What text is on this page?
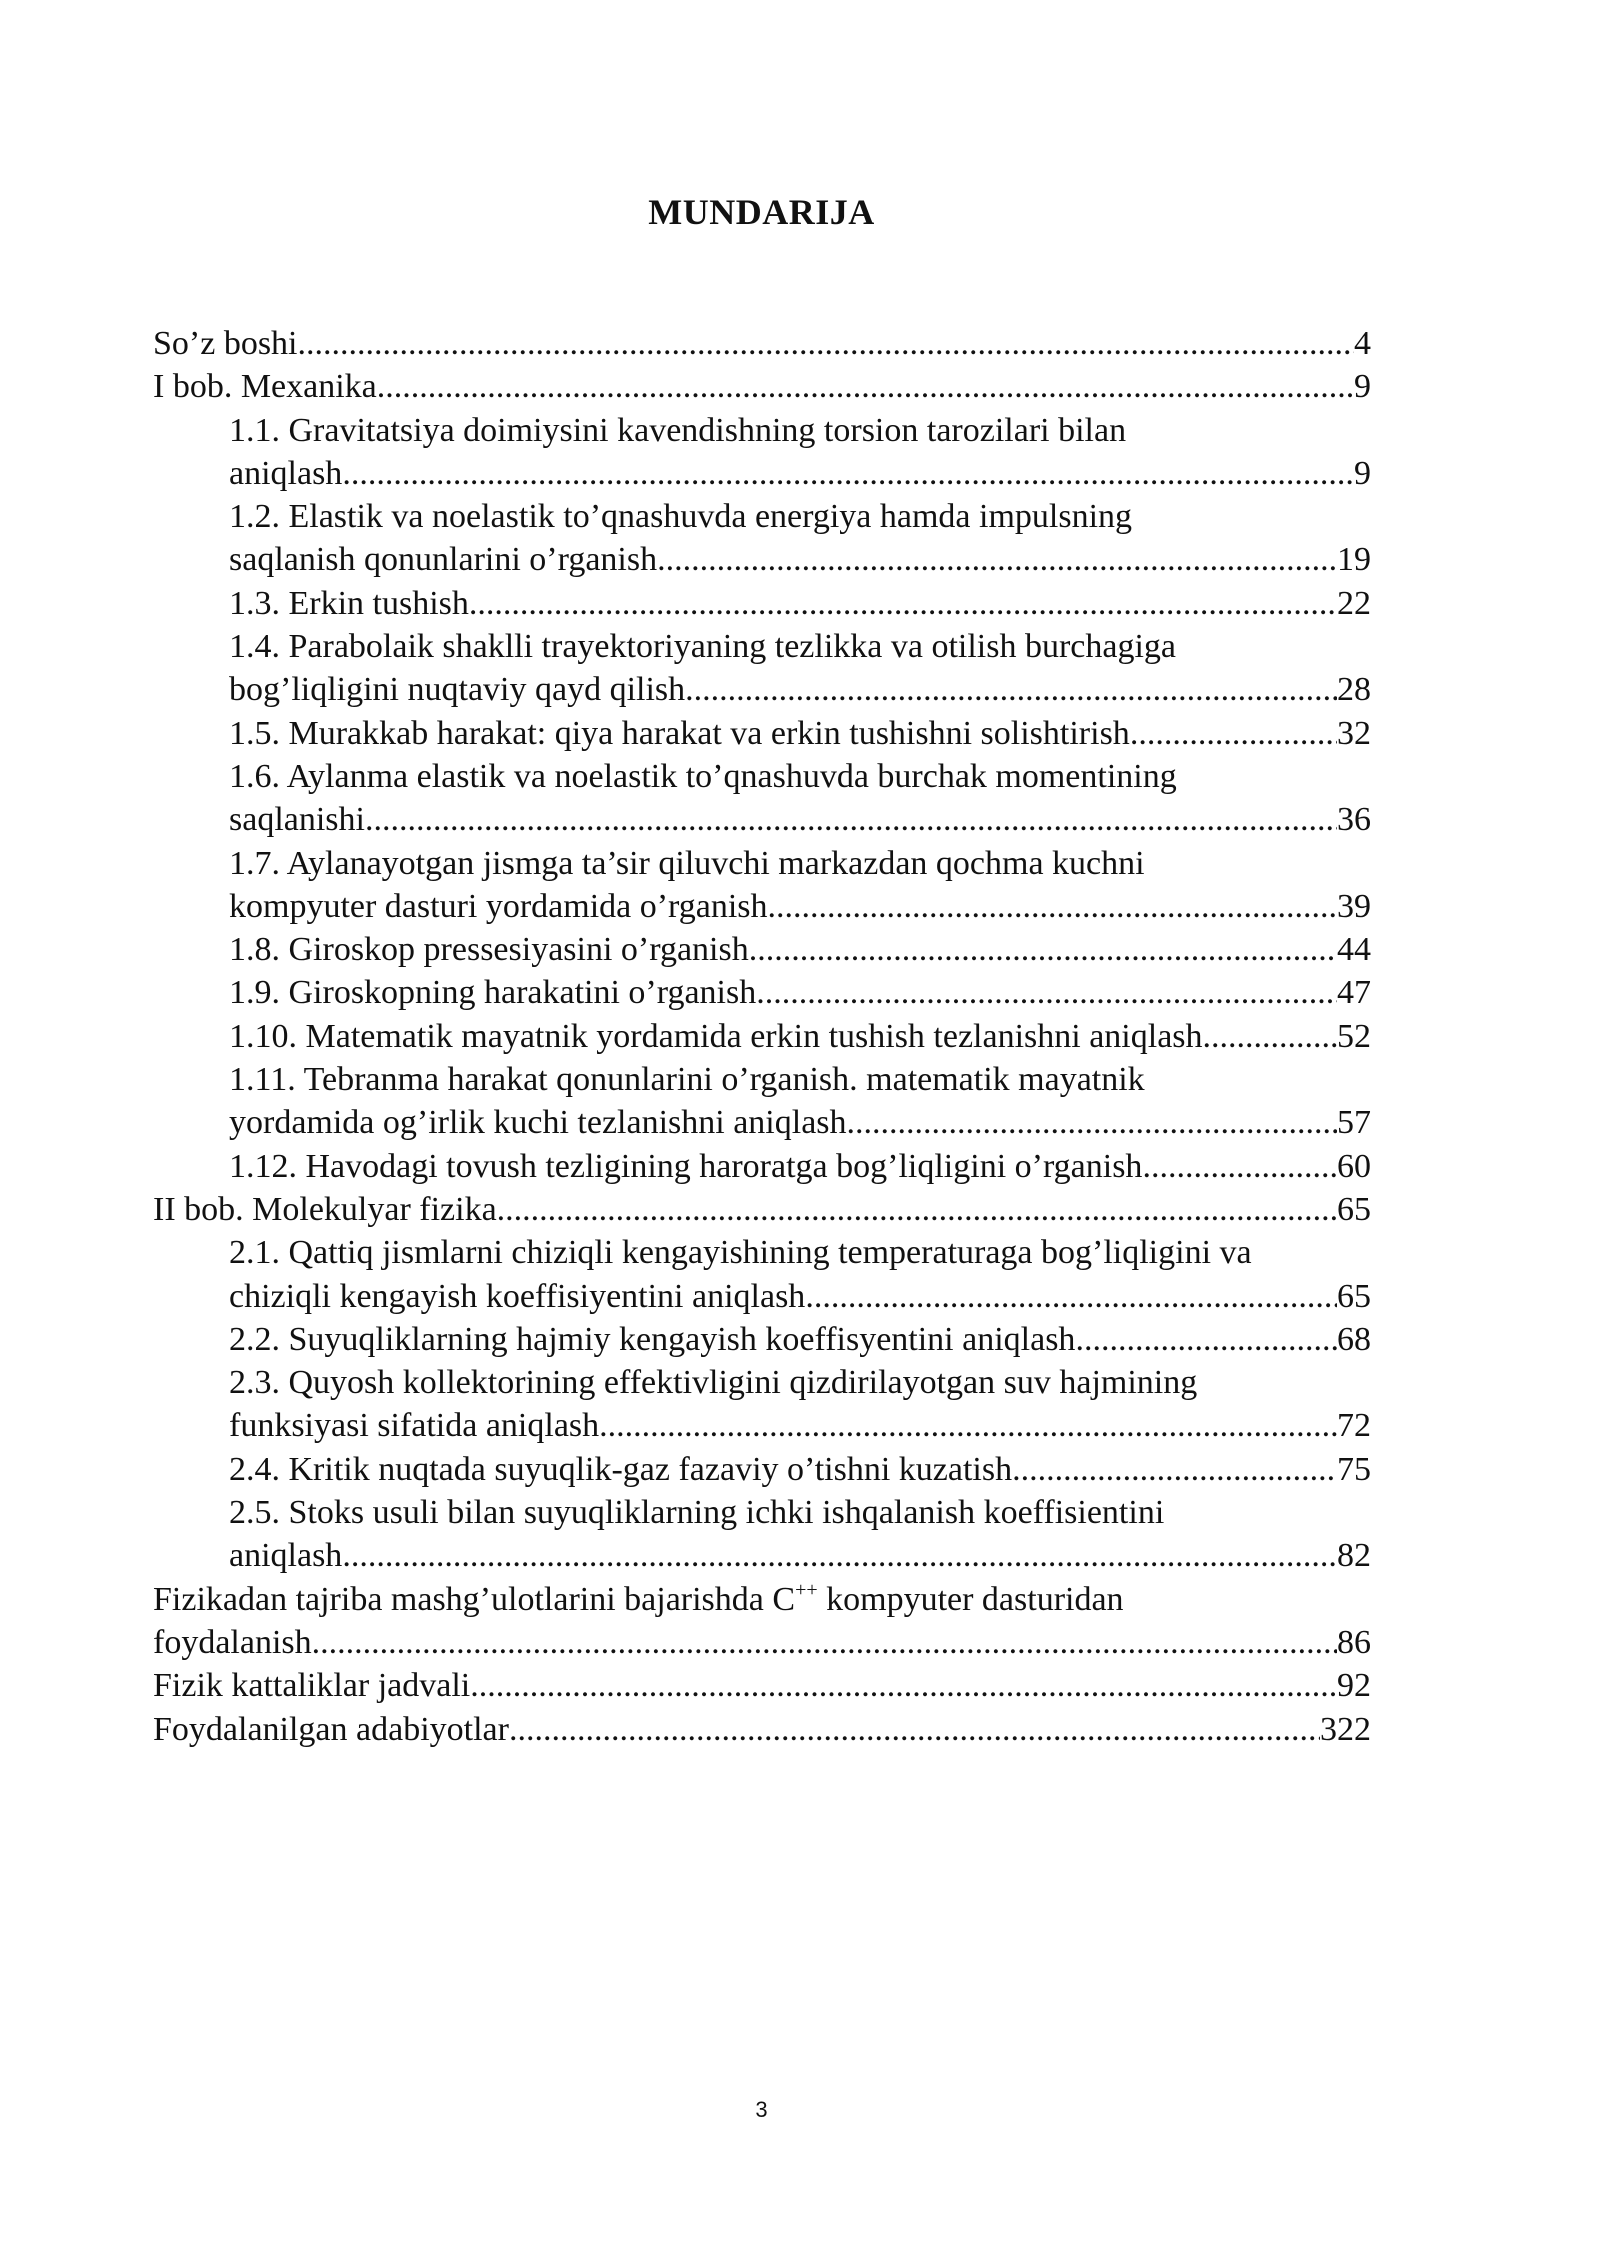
MUNDARIJA
So’z boshi .....	4
I bob. Mexanika .....	9
1.1. Gravitatsiya doimiysini kavendishning torsion tarozilari bilan
aniqlash .....	9
1.2. Elastik va noelastik to’qnashuvda energiya hamda impulsning
saqlanish qonunlarini o’rganish .....	19
1.3. Erkin tushish .....	22
1.4. Parabolaik shaklli trayektoriyaning tezlikka va otilish burchagiga
bog’liqligini nuqtaviy qayd qilish .....	28
1.5. Murakkab harakat: qiya harakat va erkin tushishni solishtirish .....	32
1.6. Aylanma elastik va noelastik to’qnashuvda burchak momentining
saqlanishi .....	36
1.7. Aylanayotgan jismga ta’sir qiluvchi markazdan qochma kuchni
kompyuter dasturi yordamida o’rganish .....	39
1.8. Giroskop pressesiyasini o’rganish .....	44
1.9. Giroskopning harakatini o’rganish .....	47
1.10. Matematik mayatnik yordamida erkin tushish tezlanishni aniqlash .....	52
1.11. Tebranma harakat qonunlarini o’rganish. matematik mayatnik
yordamida og’irlik kuchi tezlanishni aniqlash .....	57
1.12. Havodagi tovush tezligining haroratga bog’liqligini o’rganish .....	60
II bob. Molekulyar fizika .....	65
2.1. Qattiq jismlarni chiziqli kengayishining temperaturaga bog’liqligini va
chiziqli kengayish koeffisiyentini aniqlash .....	65
2.2. Suyuqliklarning hajmiy kengayish koeffisyentini aniqlash .....	68
2.3. Quyosh kollektorining effektivligini qizdirilayotgan suv hajmining
funksiyasi sifatida aniqlash .....	72
2.4. Kritik nuqtada suyuqlik-gaz fazaviy o’tishni kuzatish .....	75
2.5. Stoks usuli bilan suyuqliklarning ichki ishqalanish koeffisientini
aniqlash .....	82
Fizikadan tajriba mashg’ulotlarini bajarishda C++ kompyuter dasturidan
foydalanish .....	86
Fizik kattaliklar jadvali .....	92
Foydalanilgan adabiyotlar .....	322
3
